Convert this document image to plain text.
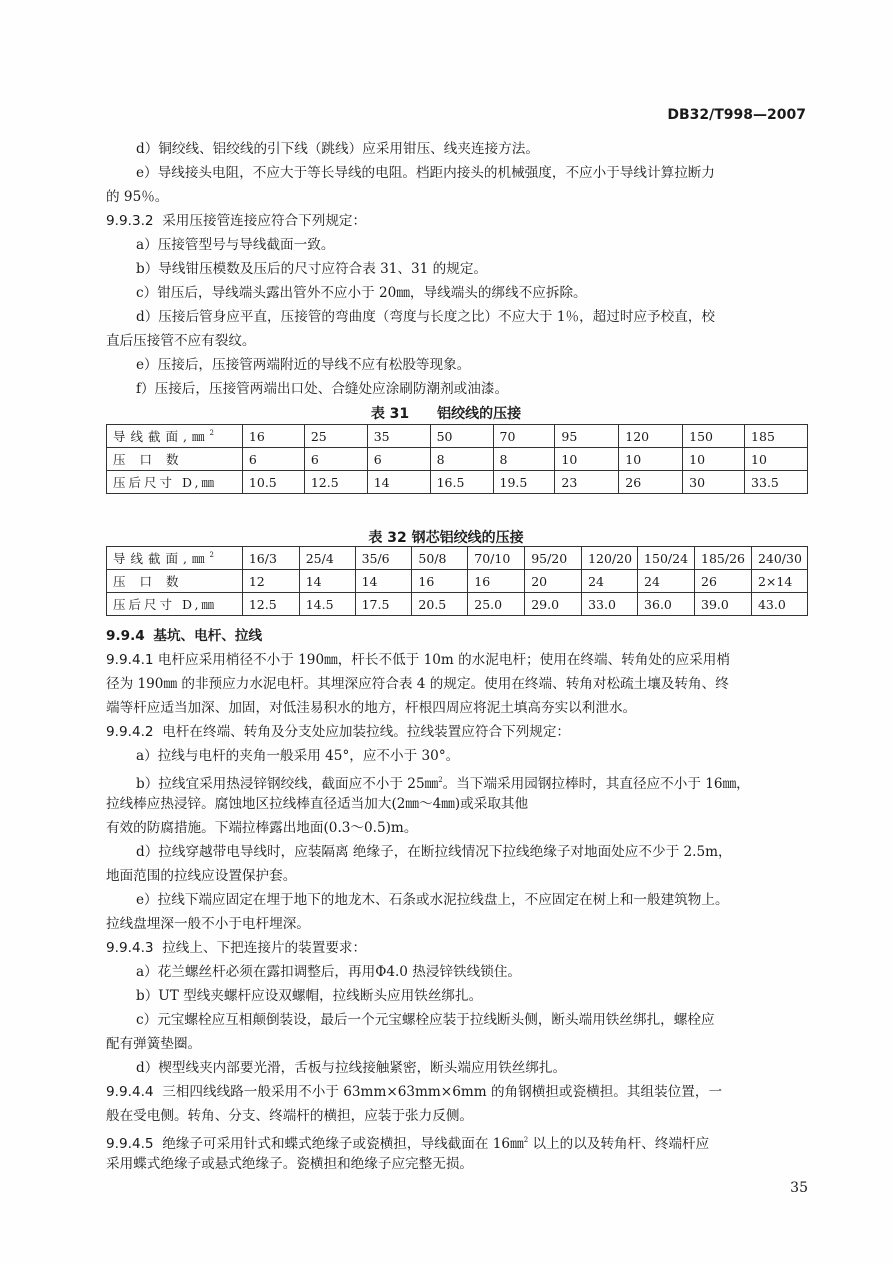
DB32/T998—2007
d）铜绞线、铝绞线的引下线（跳线）应采用钳压、线夹连接方法。
e）导线接头电阻，不应大于等长导线的电阻。档距内接头的机械强度，不应小于导线计算拉断力
的 95％。
9.9.3.2 采用压接管连接应符合下列规定：
a）压接管型号与导线截面一致。
b）导线钳压模数及压后的尺寸应符合表 31、31 的规定。
c）钳压后，导线端头露出管外不应小于 20㎜，导线端头的绑线不应拆除。
d）压接后管身应平直，压接管的弯曲度（弯度与长度之比）不应大于 1％，超过时应予校直，校
直后压接管不应有裂纹。
e）压接后，压接管两端附近的导线不应有松股等现象。
f）压接后，压接管两端出口处、合缝处应涂刷防潮剂或油漆。
表 31　　铝绞线的压接
导线截面,㎜$^2$	16	25	35	50	70	95	120	150	185
压口数	6	6	6	8	8	10	10	10	10
压后尺寸 D,㎜	10.5	12.5	14	16.5	19.5	23	26	30	33.5
表 32 钢芯铝绞线的压接
导线截面,㎜$^2$	16/3	25/4	35/6	50/8	70/10	95/20	120/20	150/24	185/26	240/30
压口数	12	14	14	16	16	20	24	24	26	2×14
压后尺寸 D,㎜	12.5	14.5	17.5	20.5	25.0	29.0	33.0	36.0	39.0	43.0
9.9.4 基坑、电杆、拉线
9.9.4.1 电杆应采用梢径不小于 190㎜，杆长不低于 10m 的水泥电杆；使用在终端、转角处的应采用梢
径为 190㎜ 的非预应力水泥电杆。其埋深应符合表 4 的规定。使用在终端、转角对松疏土壤及转角、终
端等杆应适当加深、加固，对低洼易积水的地方，杆根四周应将泥土填高夯实以利泄水。
9.9.4.2 电杆在终端、转角及分支处应加装拉线。拉线装置应符合下列规定：
a）拉线与电杆的夹角一般采用 45°，应不小于 30°。
b）拉线宜采用热浸锌钢绞线，截面应不小于 25㎜$^2$。当下端采用园钢拉棒时，其直径应不小于 16㎜，
拉线棒应热浸锌。腐蚀地区拉线棒直径适当加大(2㎜～4㎜)或采取其他
有效的防腐措施。下端拉棒露出地面(0.3～0.5)m。
d）拉线穿越带电导线时，应装隔离 绝缘子，在断拉线情况下拉线绝缘子对地面处应不少于 2.5m，
地面范围的拉线应设置保护套。
e）拉线下端应固定在埋于地下的地龙木、石条或水泥拉线盘上，不应固定在树上和一般建筑物上。
拉线盘埋深一般不小于电杆埋深。
9.9.4.3 拉线上、下把连接片的装置要求：
a）花兰螺丝杆必须在露扣调整后，再用Φ4.0 热浸锌铁线锁住。
b）UT 型线夹螺杆应设双螺帽，拉线断头应用铁丝绑扎。
c）元宝螺栓应互相颠倒装设，最后一个元宝螺栓应装于拉线断头侧，断头端用铁丝绑扎，螺栓应
配有弹簧垫圈。
d）楔型线夹内部要光滑，舌板与拉线接触紧密，断头端应用铁丝绑扎。
9.9.4.4 三相四线线路一般采用不小于 63mm×63mm×6mm 的角钢横担或瓷横担。其组装位置，一
般在受电侧。转角、分支、终端杆的横担，应装于张力反侧。
9.9.4.5 绝缘子可采用针式和蝶式绝缘子或瓷横担，导线截面在 16㎜$^2$ 以上的以及转角杆、终端杆应
采用蝶式绝缘子或悬式绝缘子。瓷横担和绝缘子应完整无损。
35
